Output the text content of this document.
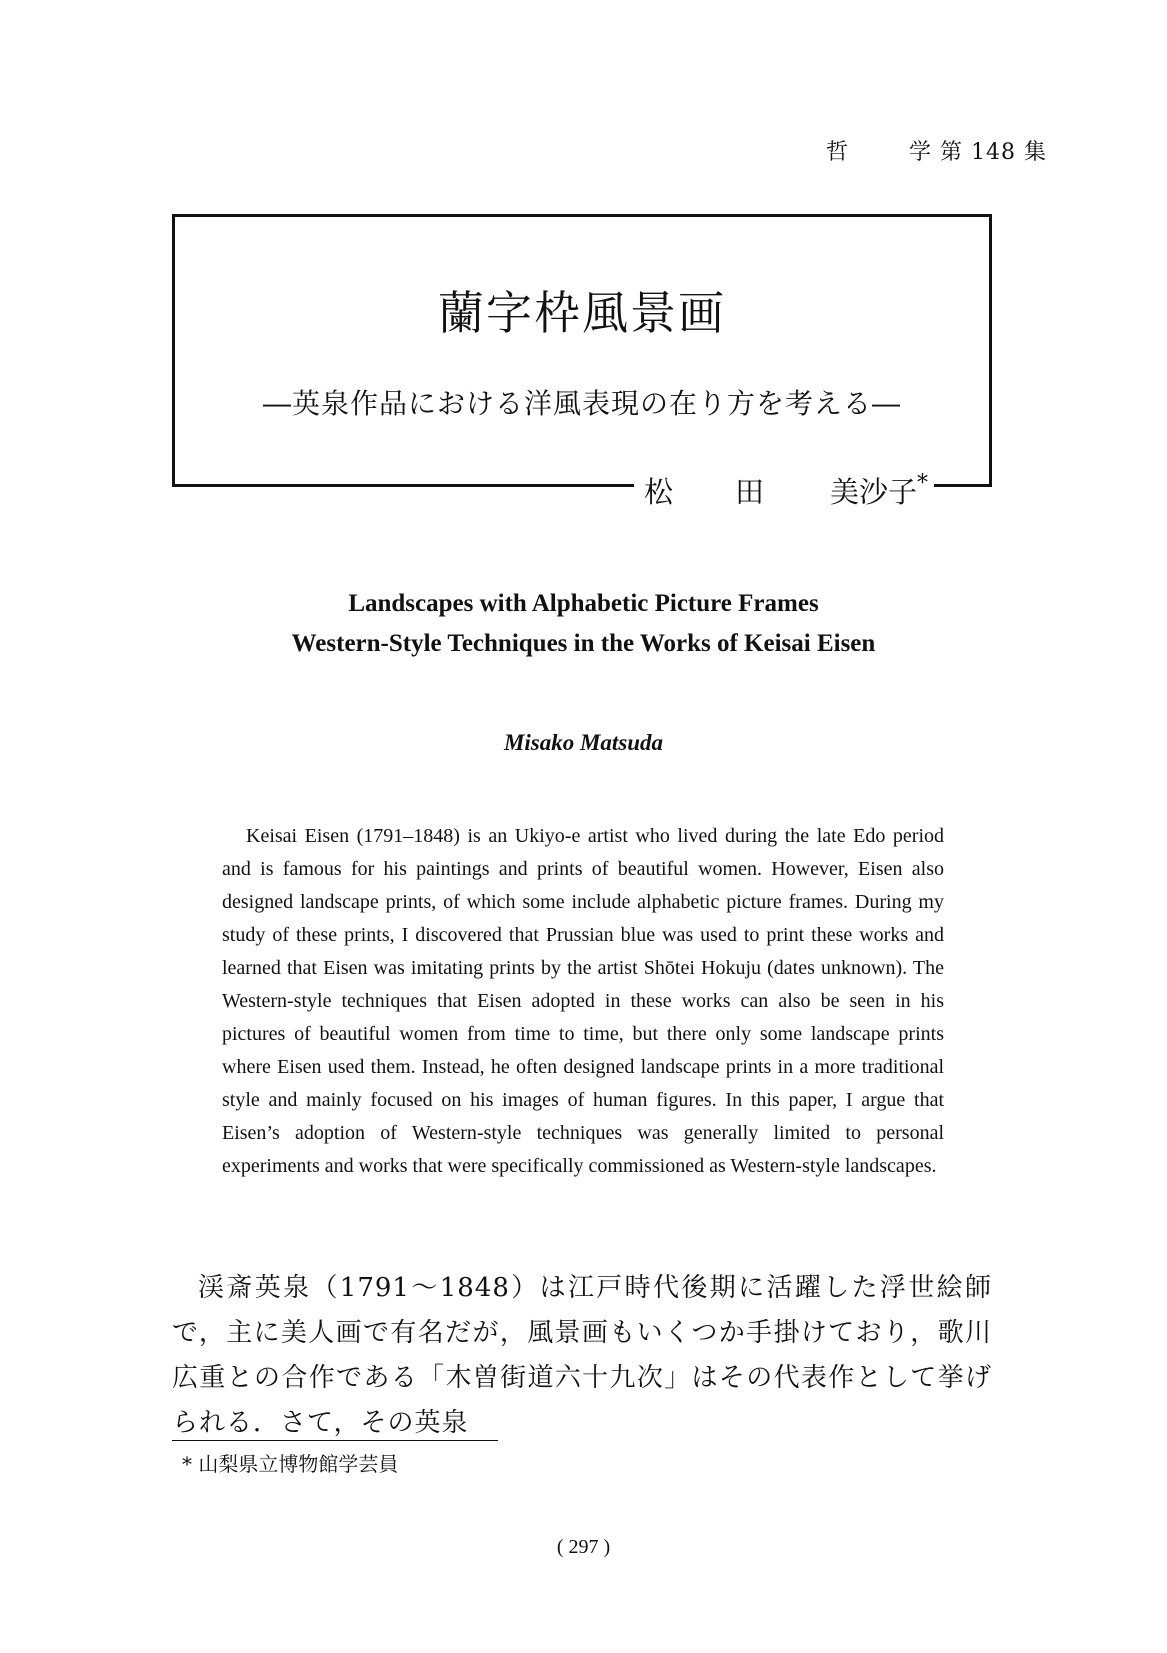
哲	学 第 148 集
蘭字枠風景画
―英泉作品における洋風表現の在り方を考える―
松 田 美沙子*
Landscapes with Alphabetic Picture Frames
Western-Style Techniques in the Works of Keisai Eisen
Misako Matsuda

Keisai Eisen (1791–1848) is an Ukiyo-e artist who lived during the late Edo period and is famous for his paintings and prints of beautiful women. However, Eisen also designed landscape prints, of which some include alphabetic picture frames. During my study of these prints, I discovered that Prussian blue was used to print these works and learned that Eisen was imitating prints by the artist Shōtei Hokuju (dates unknown). The Western-style techniques that Eisen adopted in these works can also be seen in his pictures of beautiful women from time to time, but there only some landscape prints where Eisen used them. Instead, he often designed landscape prints in a more traditional style and mainly focused on his images of human figures. In this paper, I argue that Eisen’s adoption of Western-style techniques was generally limited to personal experiments and works that were specifically commissioned as Western-style landscapes.

渓斎英泉（1791〜1848）は江戸時代後期に活躍した浮世絵師で，主に美人画で有名だが，風景画もいくつか手掛けており，歌川広重との合作である「木曽街道六十九次」はその代表作として挙げられる．さて，その英泉

* 山梨県立博物館学芸員
( 297 )
